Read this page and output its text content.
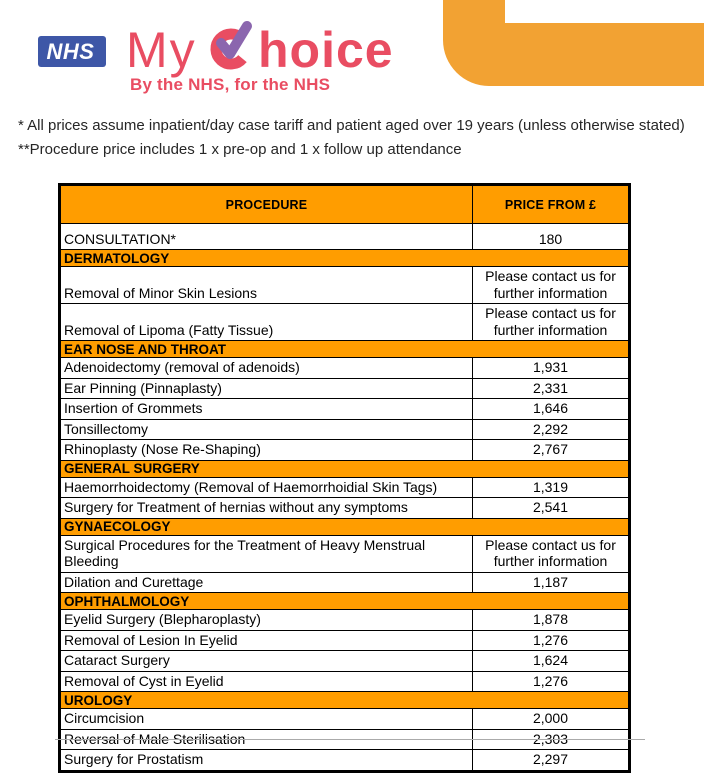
NHS My hoice
By the NHS, for the NHS
* All prices assume inpatient/day case tariff and patient aged over 19 years (unless otherwise stated)
**Procedure price includes 1 x pre-op and 1 x follow up attendance
PROCEDURE	PRICE FROM £
CONSULTATION*	180
DERMATOLOGY	
Removal of Minor Skin Lesions	Please contact us for further information
Removal of Lipoma (Fatty Tissue)	Please contact us for further information
EAR NOSE AND THROAT	
Adenoidectomy (removal of adenoids)	1,931
Ear Pinning (Pinnaplasty)	2,331
Insertion of Grommets	1,646
Tonsillectomy	2,292
Rhinoplasty (Nose Re-Shaping)	2,767
GENERAL SURGERY	
Haemorrhoidectomy (Removal of Haemorrhoidial Skin Tags)	1,319
Surgery for Treatment of hernias without any symptoms	2,541
GYNAECOLOGY	
Surgical Procedures for the Treatment of Heavy Menstrual Bleeding	Please contact us for further information
Dilation and Curettage	1,187
OPHTHALMOLOGY	
Eyelid Surgery (Blepharoplasty)	1,878
Removal of Lesion In Eyelid	1,276
Cataract Surgery	1,624
Removal of Cyst in Eyelid	1,276
UROLOGY	
Circumcision	2,000
Reversal of Male Sterilisation	2,303
Surgery for Prostatism	2,297
